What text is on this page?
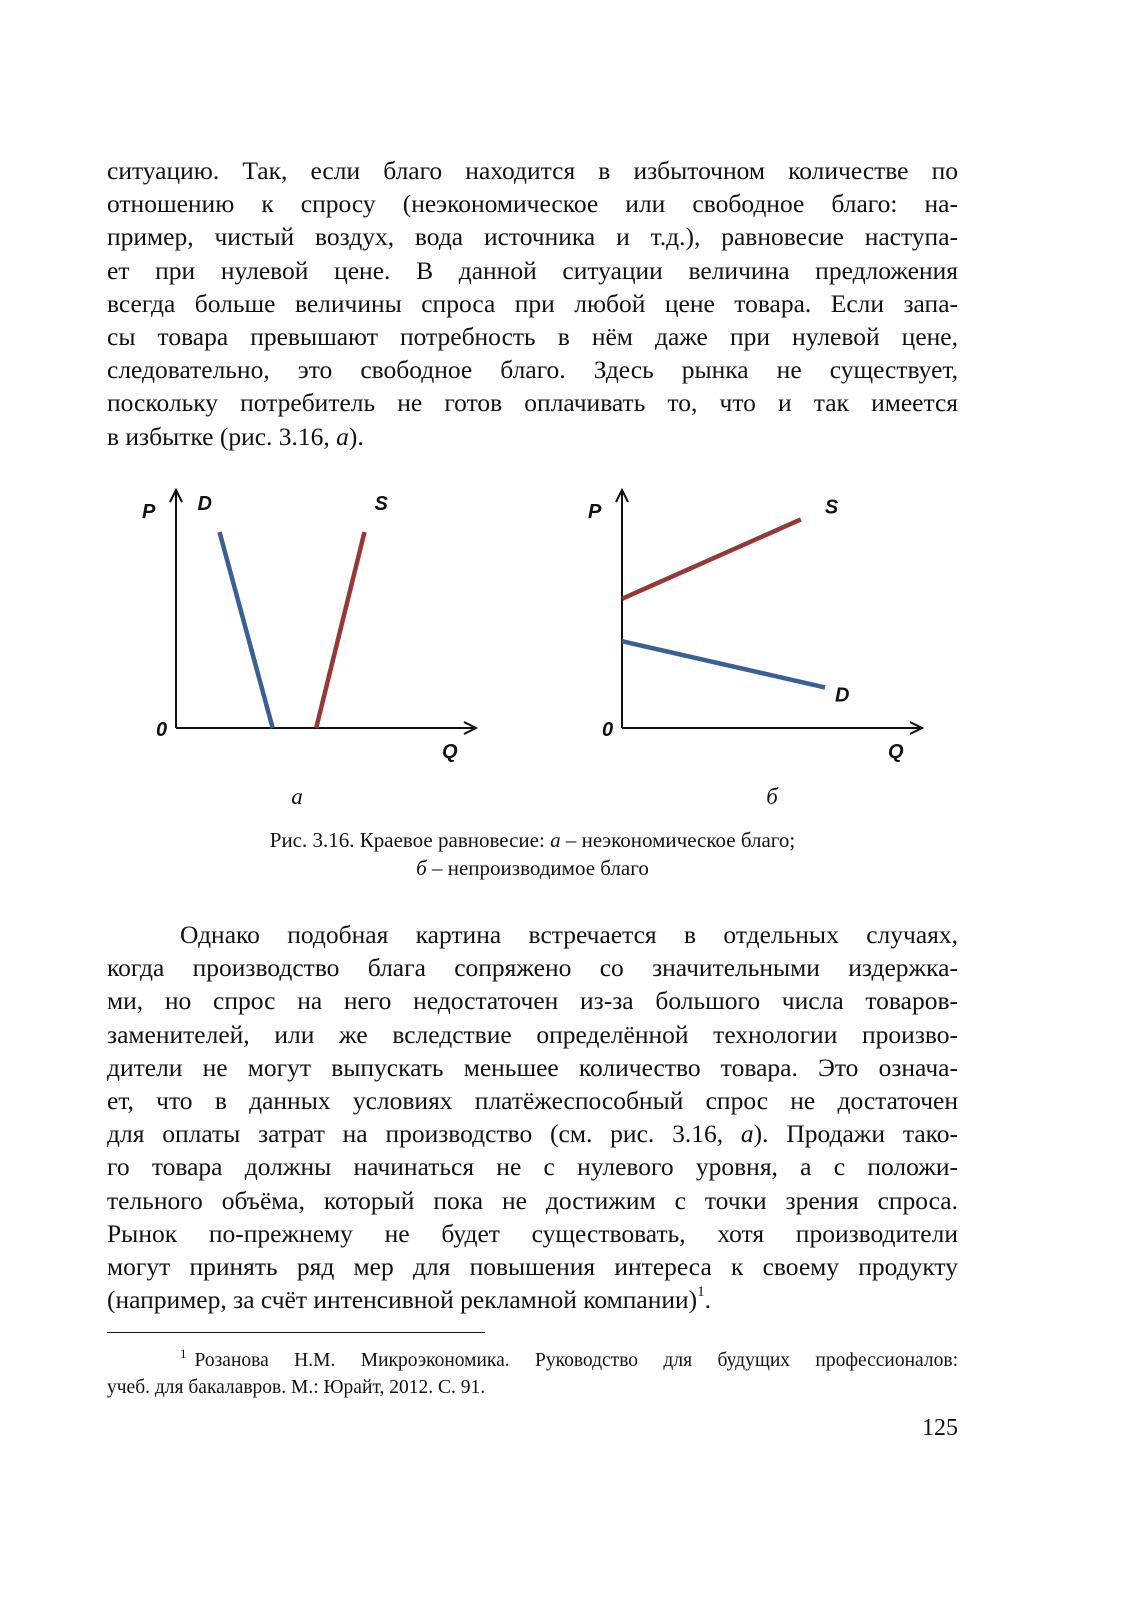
ситуацию. Так, если благо находится в избыточном количестве по
отношению к спросу (неэкономическое или свободное благо: на-
пример, чистый воздух, вода источника и т.д.), равновесие наступа-
ет при нулевой цене. В данной ситуации величина предложения
всегда больше величины спроса при любой цене товара. Если запа-
сы товара превышают потребность в нём даже при нулевой цене,
следовательно, это свободное благо. Здесь рынка не существует,
поскольку потребитель не готов оплачивать то, что и так имеется
в избытке (рис. 3.16, а).

P
Q
0
D	S	P
Q
0
S
D
а	б
Рис. 3.16. Краевое равновесие: а – неэкономическое благо;
б – непроизводимое благо

Однако подобная картина встречается в отдельных случаях,
когда производство блага сопряжено со значительными издержка-
ми, но спрос на него недостаточен из-за большого числа товаров-
заменителей, или же вследствие определённой технологии произво-
дители не могут выпускать меньшее количество товара. Это означа-
ет, что в данных условиях платёжеспособный спрос не достаточен
для оплаты затрат на производство (см. рис. 3.16, а). Продажи тако-
го товара должны начинаться не с нулевого уровня, а с положи-
тельного объёма, который пока не достижим с точки зрения спроса.
Рынок по-прежнему не будет существовать, хотя производители
могут принять ряд мер для повышения интереса к своему продукту
(например, за счёт интенсивной рекламной компании)$^1$.

$^1$ Розанова Н.М. Микроэкономика. Руководство для будущих профессионалов:
учеб. для бакалавров. М.: Юрайт, 2012. С. 91.
125
